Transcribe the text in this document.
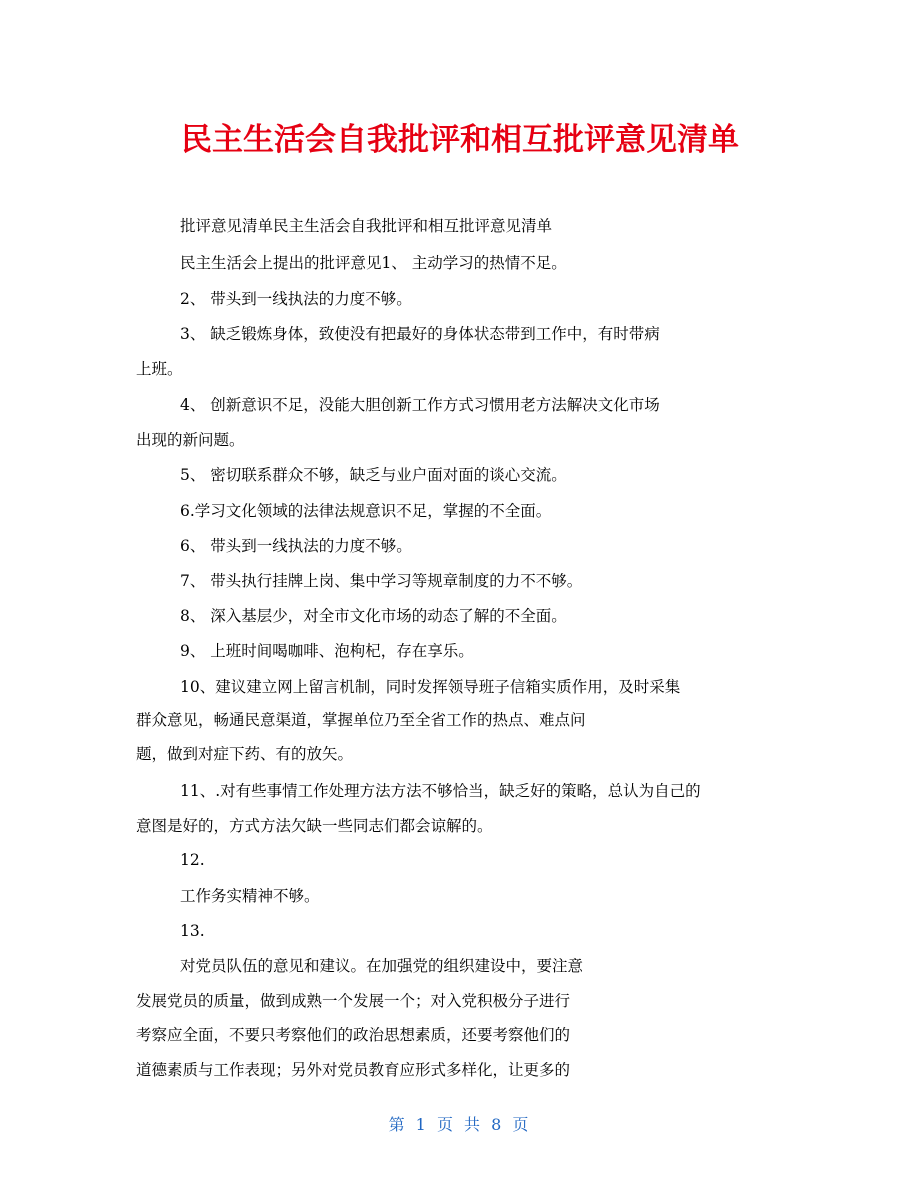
民主生活会自我批评和相互批评意见清单

批评意见清单民主生活会自我批评和相互批评意见清单

民主生活会上提出的批评意见1、 主动学习的热情不足。

2、 带头到一线执法的力度不够。

3、 缺乏锻炼身体，致使没有把最好的身体状态带到工作中，有时带病

上班。

4、 创新意识不足，没能大胆创新工作方式习惯用老方法解决文化市场

出现的新问题。

5、 密切联系群众不够，缺乏与业户面对面的谈心交流。

6.学习文化领域的法律法规意识不足，掌握的不全面。

6、 带头到一线执法的力度不够。

7、 带头执行挂牌上岗、集中学习等规章制度的力不不够。

8、 深入基层少，对全市文化市场的动态了解的不全面。

9、 上班时间喝咖啡、泡枸杞，存在享乐。

10、建议建立网上留言机制，同时发挥领导班子信箱实质作用，及时采集

群众意见，畅通民意渠道，掌握单位乃至全省工作的热点、难点问

题，做到对症下药、有的放矢。

11、.对有些事情工作处理方法方法不够恰当，缺乏好的策略，总认为自己的

意图是好的，方式方法欠缺一些同志们都会谅解的。

12.

工作务实精神不够。

13.

对党员队伍的意见和建议。在加强党的组织建设中，要注意

发展党员的质量，做到成熟一个发展一个；对入党积极分子进行

考察应全面，不要只考察他们的政治思想素质，还要考察他们的

道德素质与工作表现；另外对党员教育应形式多样化，让更多的

第 1 页 共 8 页
